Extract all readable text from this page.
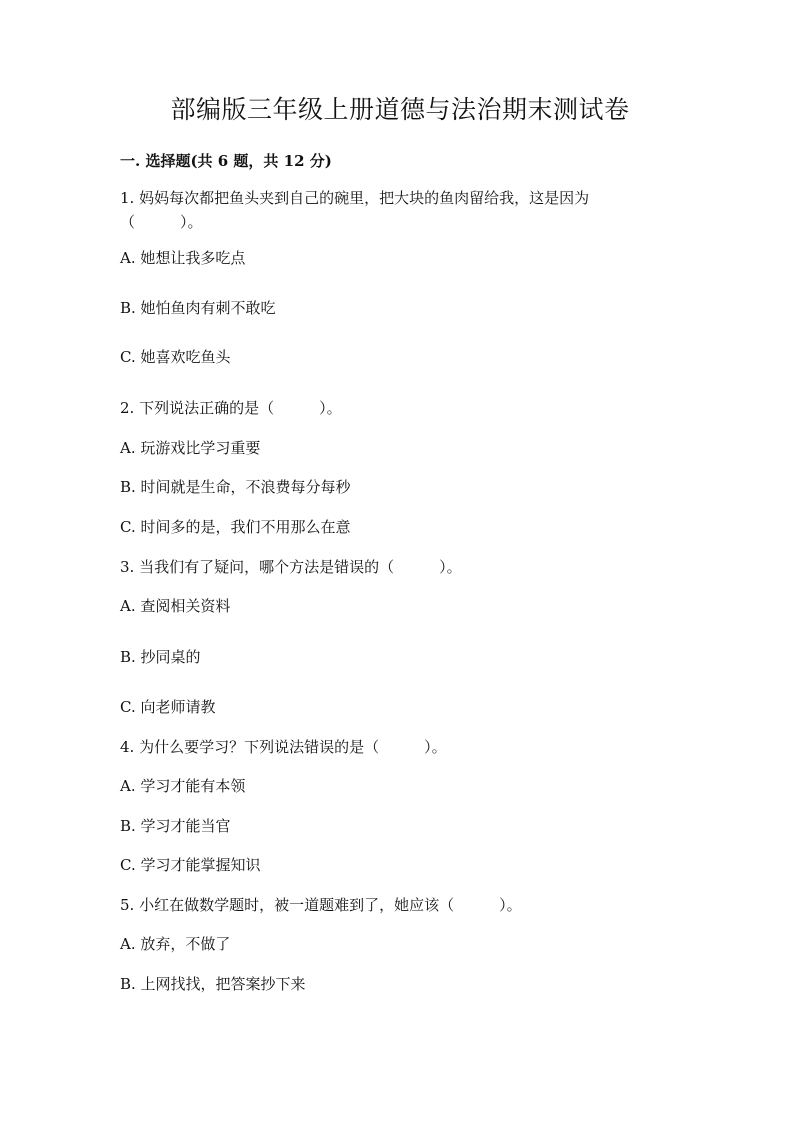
部编版三年级上册道德与法治期末测试卷
一. 选择题(共 6 题，共 12 分)
1. 妈妈每次都把鱼头夹到自己的碗里，把大块的鱼肉留给我，这是因为（　　　）。
A. 她想让我多吃点
B. 她怕鱼肉有刺不敢吃
C. 她喜欢吃鱼头
2. 下列说法正确的是（　　　）。
A. 玩游戏比学习重要
B. 时间就是生命，不浪费每分每秒
C. 时间多的是，我们不用那么在意
3. 当我们有了疑问，哪个方法是错误的（　　　）。
A. 查阅相关资料
B. 抄同桌的
C. 向老师请教
4. 为什么要学习？下列说法错误的是（　　　）。
A. 学习才能有本领
B. 学习才能当官
C. 学习才能掌握知识
5. 小红在做数学题时，被一道题难到了，她应该（　　　）。
A. 放弃，不做了
B. 上网找找，把答案抄下来
